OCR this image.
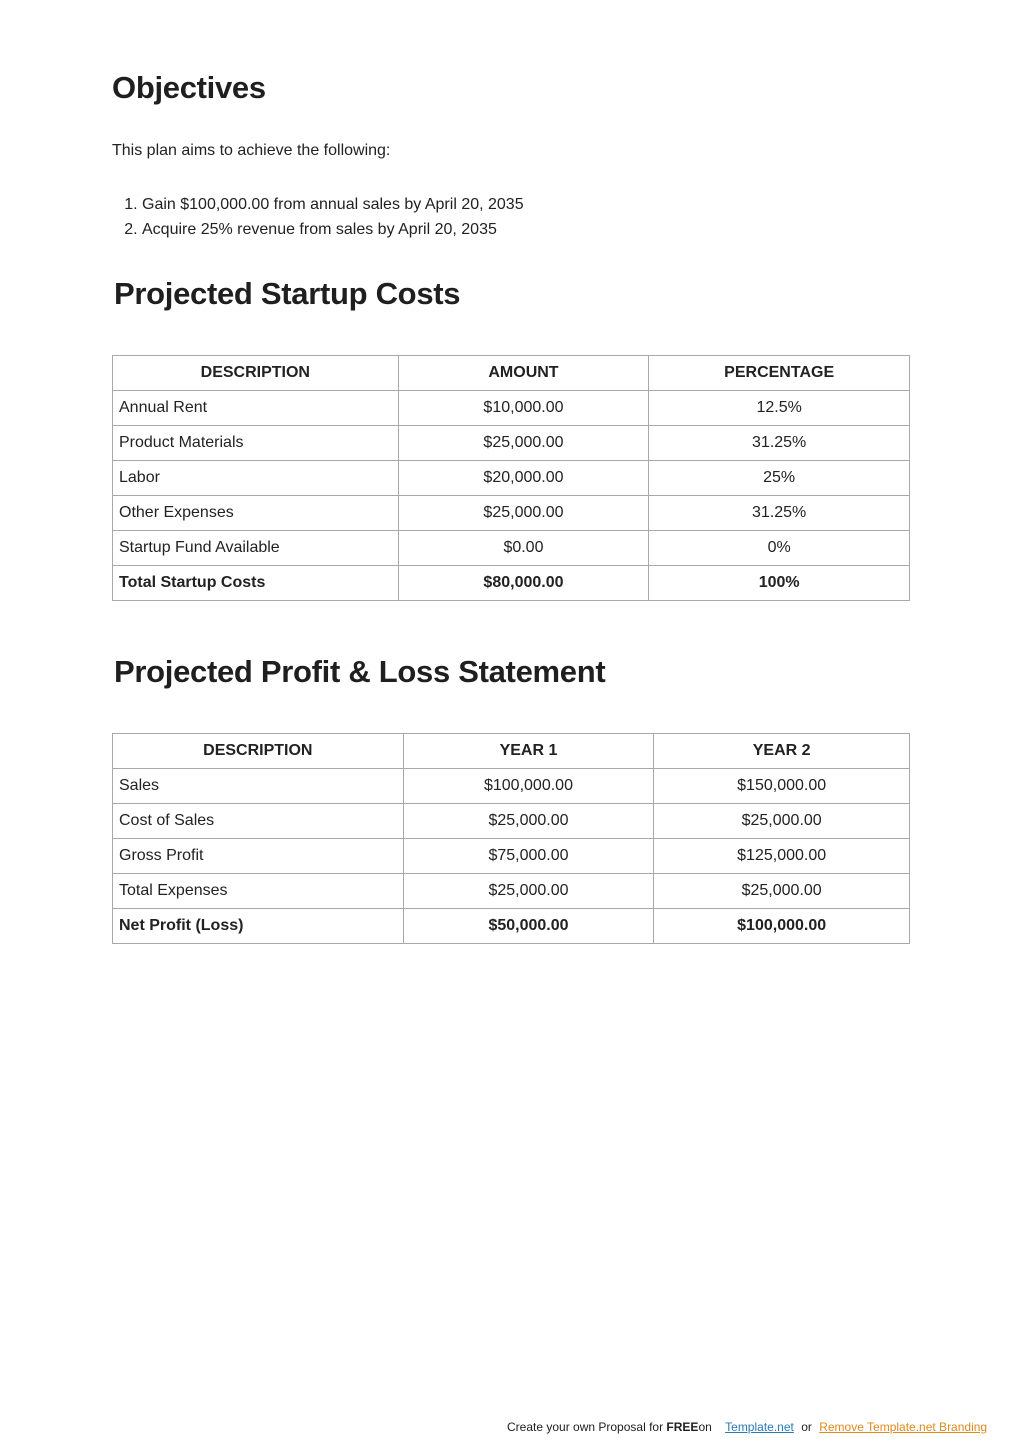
Objectives

This plan aims to achieve the following:

1. Gain $100,000.00 from annual sales by April 20, 2035
2. Acquire 25% revenue from sales by April 20, 2035
Projected Startup Costs
DESCRIPTION	AMOUNT	PERCENTAGE
Annual Rent	$10,000.00	12.5%
Product Materials	$25,000.00	31.25%
Labor	$20,000.00	25%
Other Expenses	$25,000.00	31.25%
Startup Fund Available	$0.00	0%
Total Startup Costs	$80,000.00	100%
Projected Profit & Loss Statement
DESCRIPTION	YEAR 1	YEAR 2
Sales	$100,000.00	$150,000.00
Cost of Sales	$25,000.00	$25,000.00
Gross Profit	$75,000.00	$125,000.00
Total Expenses	$25,000.00	$25,000.00
Net Profit (Loss)	$50,000.00	$100,000.00
Create your own Proposal for FREEon Template.net or Remove Template.net Branding
